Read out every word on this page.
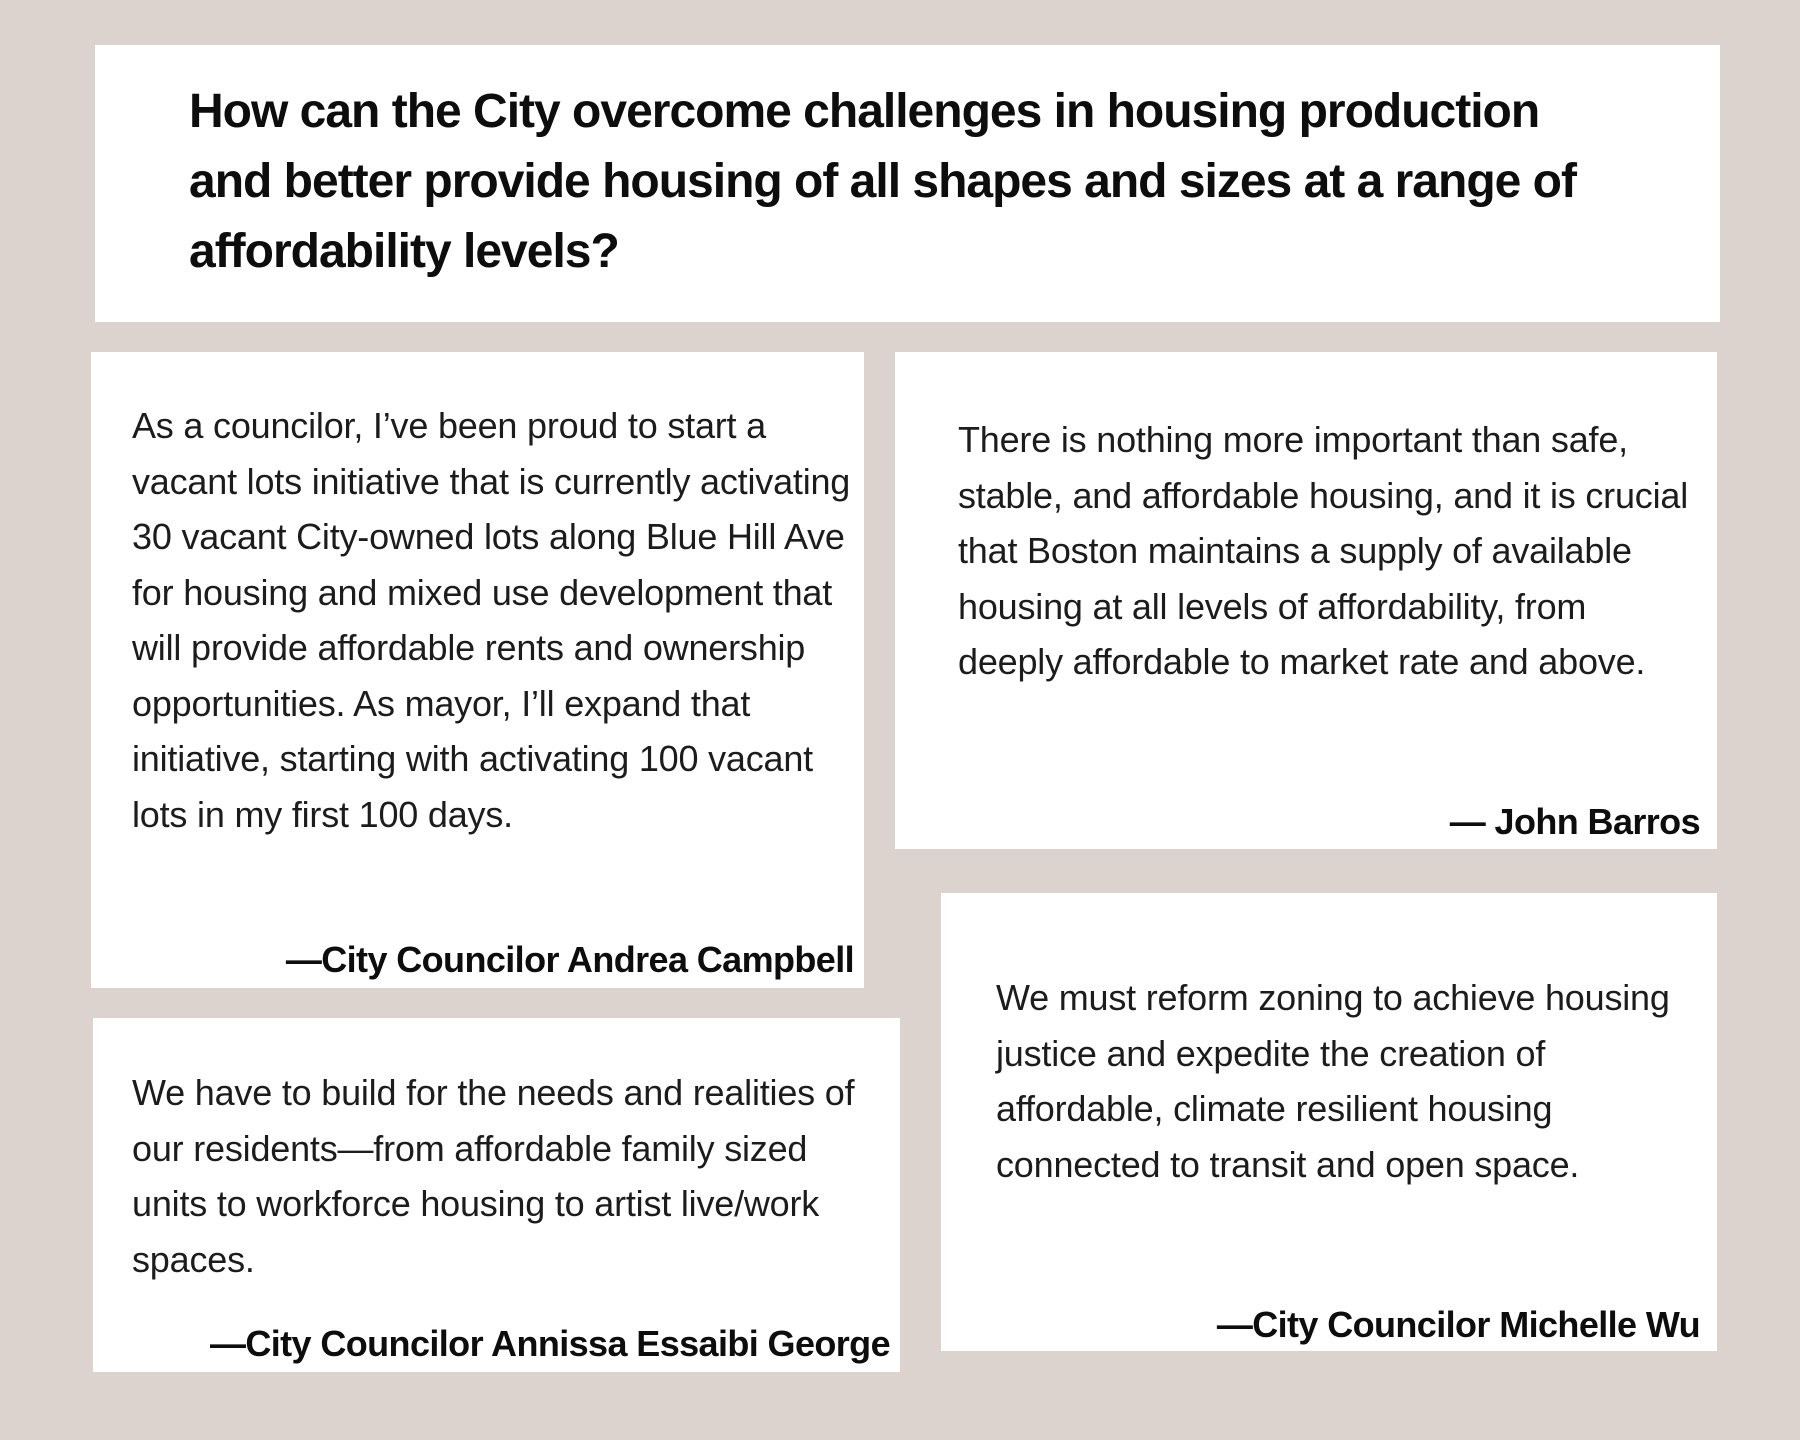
How can the City overcome challenges in housing production and better provide housing of all shapes and sizes at a range of affordability levels?

As a councilor, I’ve been proud to start a vacant lots initiative that is currently activating 30 vacant City-owned lots along Blue Hill Ave for housing and mixed use development that will provide affordable rents and ownership opportunities. As mayor, I’ll expand that initiative, starting with activating 100 vacant lots in my first 100 days.

—City Councilor Andrea Campbell

There is nothing more important than safe, stable, and affordable housing, and it is crucial that Boston maintains a supply of available housing at all levels of affordability, from deeply affordable to market rate and above.

— John Barros

We have to build for the needs and realities of our residents—from affordable family sized units to workforce housing to artist live/work spaces.

—City Councilor Annissa Essaibi George

We must reform zoning to achieve housing justice and expedite the creation of affordable, climate resilient housing connected to transit and open space.

—City Councilor Michelle Wu
